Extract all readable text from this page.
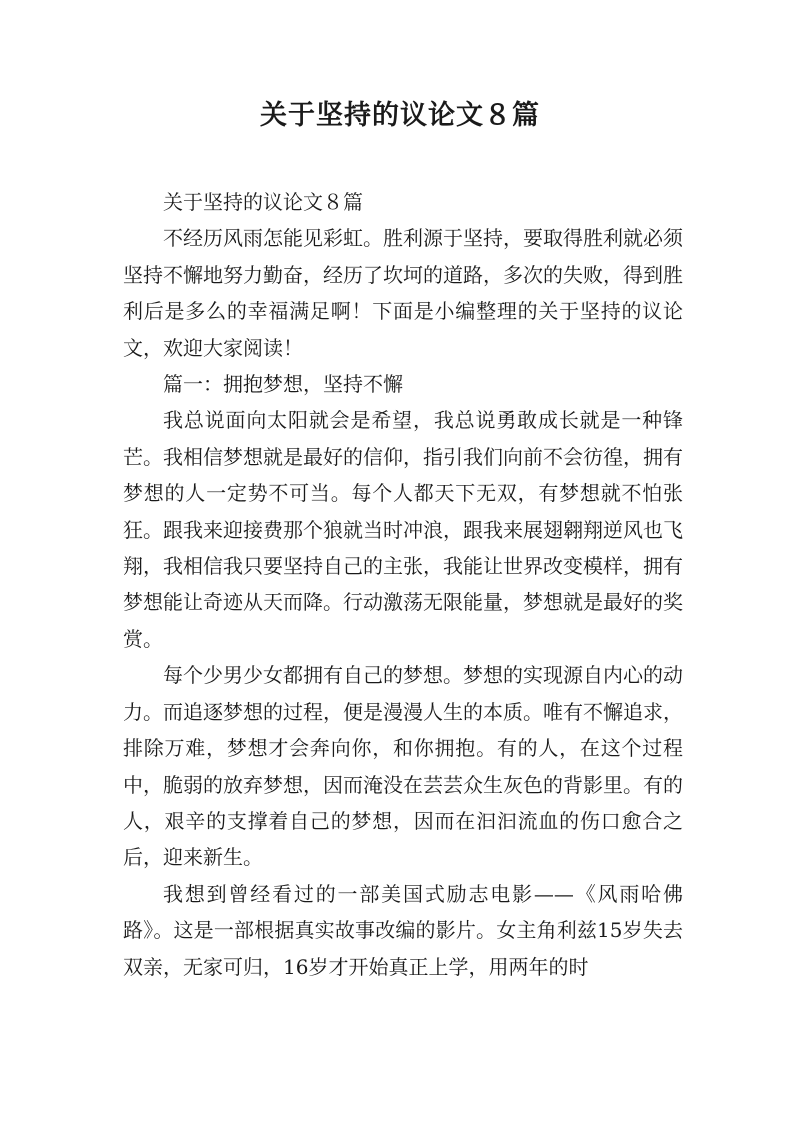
关于坚持的议论文８篇

关于坚持的议论文８篇

不经历风雨怎能见彩虹。胜利源于坚持，要取得胜利就必须坚持不懈地努力勤奋，经历了坎坷的道路，多次的失败，得到胜利后是多么的幸福满足啊！下面是小编整理的关于坚持的议论文，欢迎大家阅读！

篇一：拥抱梦想，坚持不懈

我总说面向太阳就会是希望，我总说勇敢成长就是一种锋芒。我相信梦想就是最好的信仰，指引我们向前不会彷徨，拥有梦想的人一定势不可当。每个人都天下无双，有梦想就不怕张狂。跟我来迎接费那个狼就当时冲浪，跟我来展翅翱翔逆风也飞翔，我相信我只要坚持自己的主张，我能让世界改变模样，拥有梦想能让奇迹从天而降。行动激荡无限能量，梦想就是最好的奖赏。

每个少男少女都拥有自己的梦想。梦想的实现源自内心的动力。而追逐梦想的过程，便是漫漫人生的本质。唯有不懈追求，排除万难，梦想才会奔向你，和你拥抱。有的人，在这个过程中，脆弱的放弃梦想，因而淹没在芸芸众生灰色的背影里。有的人，艰辛的支撑着自己的梦想，因而在汩汩流血的伤口愈合之后，迎来新生。

我想到曾经看过的一部美国式励志电影——《风雨哈佛路》。这是一部根据真实故事改编的影片。女主角利兹15岁失去双亲，无家可归，16岁才开始真正上学，用两年的时
